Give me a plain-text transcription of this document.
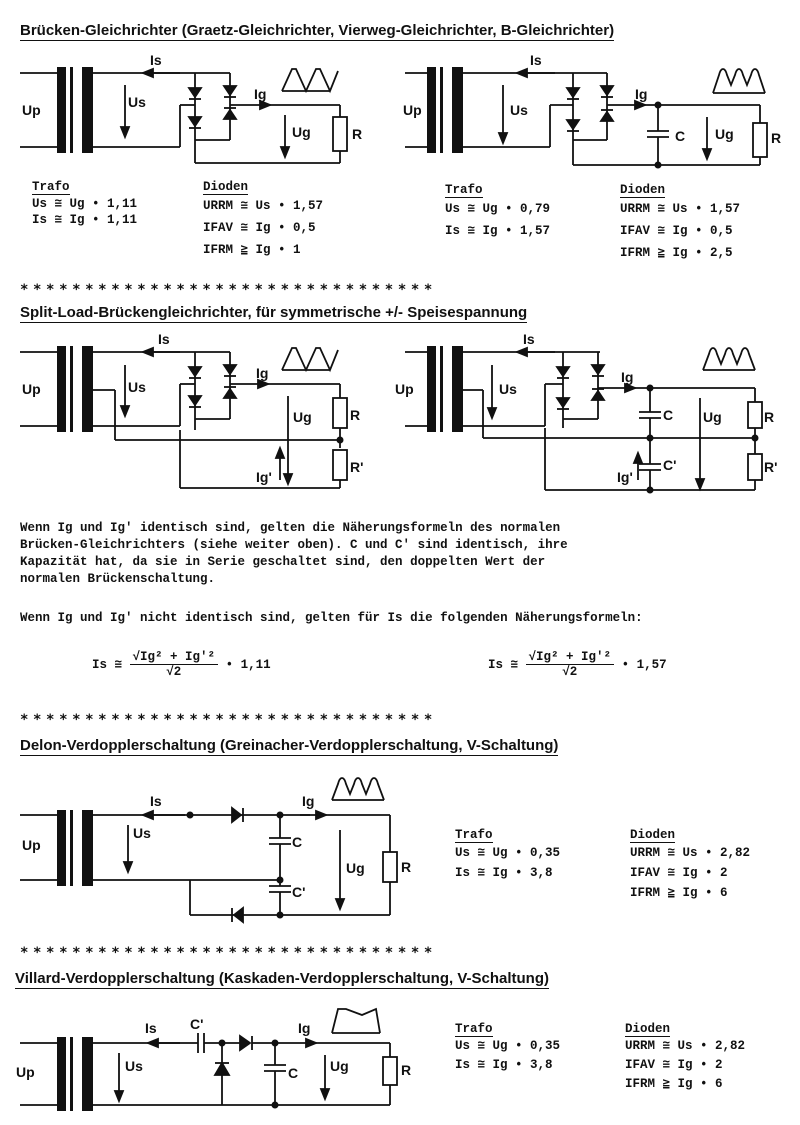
Brücken-Gleichrichter (Graetz-Gleichrichter, Vierweg-Gleichrichter, B-Gleichrichter)
Up	Us
Is
Ig
R
Ug
Up	Us
Is
Ig
C	R
Ug
Trafo
Us ≅ Ug • 1,11
Is ≅ Ig • 1,11
Dioden
URRM ≅ Us • 1,57
IFAV ≅ Ig • 0,5
IFRM ≧ Ig • 1
Trafo
Us ≅ Ug • 0,79
Is ≅ Ig • 1,57
Dioden
URRM ≅ Us • 1,57
IFAV ≅ Ig • 0,5
IFRM ≧ Ig • 2,5
********************************
Split-Load-Brückengleichrichter, für symmetrische +/- Speisespannung
Up	Us
Is
Ig
R
R'
Ug
Ig'
Up	Us
Is
Ig
C
C'
R
R'
Ug
Ig'
Wenn Ig und Ig' identisch sind, gelten die Näherungsformeln des normalen
Brücken-Gleichrichters (siehe weiter oben). C und C' sind identisch, ihre
Kapazität hat, da sie in Serie geschaltet sind, den doppelten Wert der
normalen Brückenschaltung.
Wenn Ig und Ig' nicht identisch sind, gelten für Is die folgenden Näherungsformeln:
Is ≅ $\frac{\text{√Ig² + Ig'²}}{√2}$ • 1,11	Is ≅ $\frac{\text{√Ig² + Ig'²}}{√2}$ • 1,57
********************************
Delon-Verdopplerschaltung (Greinacher-Verdopplerschaltung, V-Schaltung)
Up
Us
Is
C
C'
R
Ig
Ug
Trafo
Us ≅ Ug • 0,35
Is ≅ Ig • 3,8
Dioden
URRM ≅ Us • 2,82
IFAV ≅ Ig • 2
IFRM ≧ Ig • 6
********************************
Villard-Verdopplerschaltung (Kaskaden-Verdopplerschaltung, V-Schaltung)
Up	Us
Is C'
C	R
Ig
Ug
Trafo
Us ≅ Ug • 0,35
Is ≅ Ig • 3,8
Dioden
URRM ≅ Us • 2,82
IFAV ≅ Ig • 2
IFRM ≧ Ig • 6
